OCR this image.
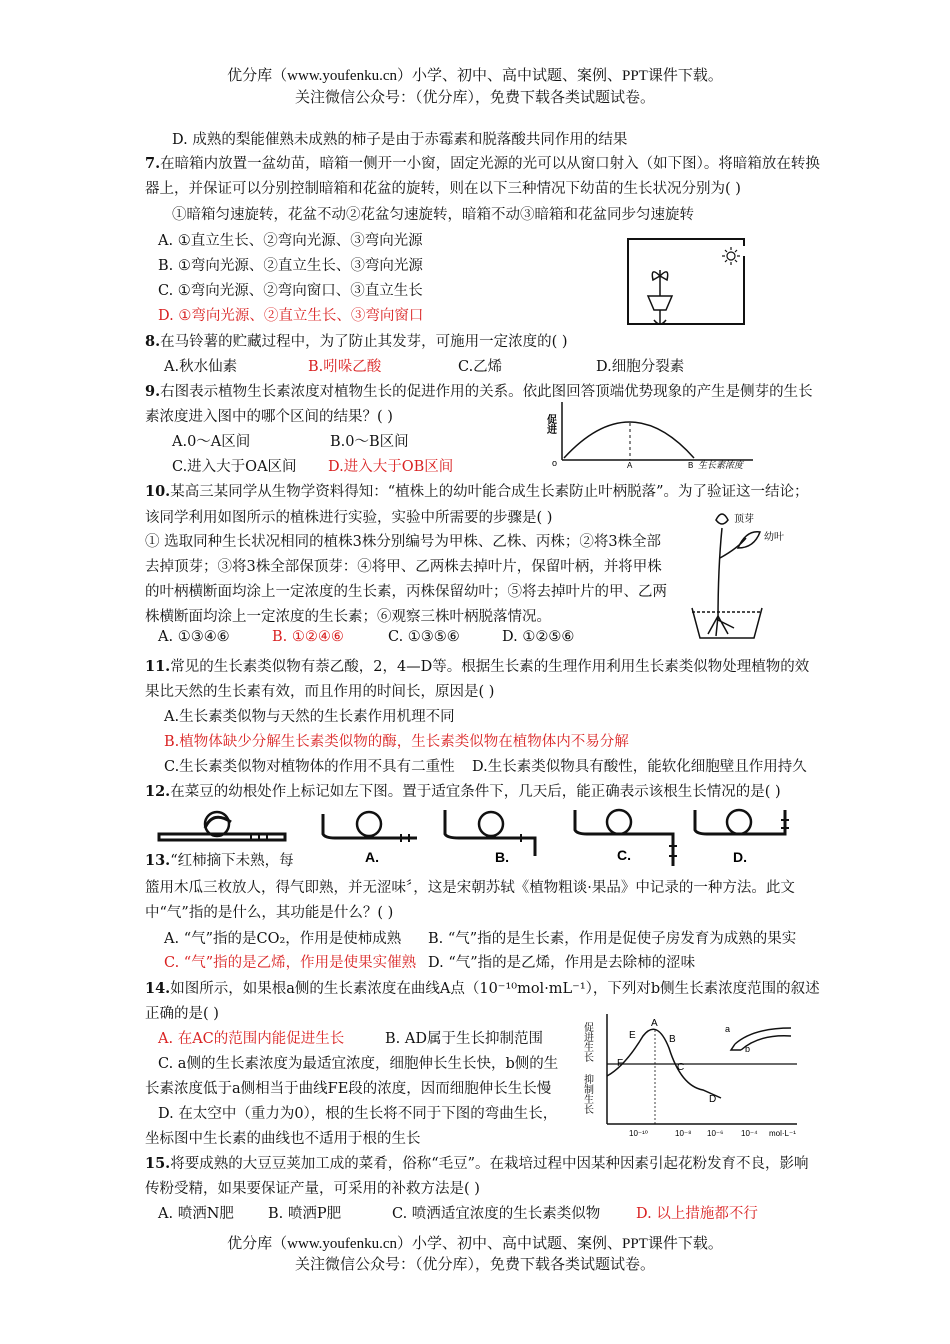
优分库（www.youfenku.cn）小学、初中、高中试题、案例、PPT课件下载。
关注微信公众号：（优分库），免费下载各类试题试卷。
D. 成熟的梨能催熟未成熟的柿子是由于赤霉素和脱落酸共同作用的结果
7.在暗箱内放置一盆幼苗，暗箱一侧开一小窗，固定光源的光可以从窗口射入（如下图）。将暗箱放在转换
器上，并保证可以分别控制暗箱和花盆的旋转，则在以下三种情况下幼苗的生长状况分别为( )
①暗箱匀速旋转，花盆不动②花盆匀速旋转，暗箱不动③暗箱和花盆同步匀速旋转
A. ①直立生长、②弯向光源、③弯向光源
B. ①弯向光源、②直立生长、③弯向光源
C. ①弯向光源、②弯向窗口、③直立生长
D. ①弯向光源、②直立生长、③弯向窗口
8.在马铃薯的贮藏过程中，为了防止其发芽，可施用一定浓度的( )
A.秋水仙素	B.吲哚乙酸	C.乙烯	D.细胞分裂素
9.右图表示植物生长素浓度对植物生长的促进作用的关系。依此图回答顶端优势现象的产生是侧芽的生长
素浓度进入图中的哪个区间的结果？( )
A.0～A区间	B.0～B区间
C.进入大于OA区间 D.进入大于OB区间
促进
o	A	B 生长素浓度
10.某高三某同学从生物学资料得知：“植株上的幼叶能合成生长素防止叶柄脱落”。为了验证这一结论；
该同学利用如图所示的植株进行实验，实验中所需要的步骤是( )
① 选取同种生长状况相同的植株3株分别编号为甲株、乙株、丙株；②将3株全部
去掉顶芽；③将3株全部保顶芽：④将甲、乙两株去掉叶片，保留叶柄，并将甲株
的叶柄横断面均涂上一定浓度的生长素，丙株保留幼叶；⑤将去掉叶片的甲、乙两
株横断面均涂上一定浓度的生长素；⑥观察三株叶柄脱落情况。
A. ①③④⑥	B. ①②④⑥	C. ①③⑤⑥	D. ①②⑤⑥
顶芽
幼叶
11.常见的生长素类似物有萘乙酸，2，4—D等。根据生长素的生理作用利用生长素类似物处理植物的效
果比天然的生长素有效，而且作用的时间长，原因是( )
A.生长素类似物与天然的生长素作用机理不同
B.植物体缺少分解生长素类似物的酶，生长素类似物在植物体内不易分解
C.生长素类似物对植物体的作用不具有二重性 D.生长素类似物具有酸性，能软化细胞壁且作用持久
12.在菜豆的幼根处作上标记如左下图。置于适宜条件下，几天后，能正确表示该根生长情况的是( )
A.	B.	C.	D.
13.“红柿摘下未熟，每
篮用木瓜三枚放人，得气即熟，并无涩味〞，这是宋朝苏轼《植物粗谈·果品》中记录的一种方法。此文
中“气”指的是什么，其功能是什么？( )
A. “气”指的是CO₂，作用是使柿成熟 B. “气”指的是生长素，作用是促使子房发育为成熟的果实
C. “气”指的是乙烯，作用是使果实催熟 D. “气”指的是乙烯，作用是去除柿的涩味
14.如图所示，如果根a侧的生长素浓度在曲线A点（10⁻¹⁰mol·mL⁻¹），下列对b侧生长素浓度范围的叙述
正确的是( )
A. 在AC的范围内能促进生长	B. AD属于生长抑制范围
C. a侧的生长素浓度为最适宜浓度，细胞伸长生长快，b侧的生
长素浓度低于a侧相当于曲线FE段的浓度，因而细胞伸长生长慢
D. 在太空中（重力为0），根的生长将不同于下图的弯曲生长，
坐标图中生长素的曲线也不适用于根的生长
促进生长
抑制生长
E
A
B
F	C
D
a
b
10⁻¹⁰	10⁻⁸ 10⁻⁶ 10⁻⁴ mol·L⁻¹
15.将要成熟的大豆豆荚加工成的菜肴，俗称“毛豆”。在栽培过程中因某种因素引起花粉发育不良，影响
传粉受精，如果要保证产量，可采用的补救方法是( )
A. 喷洒N肥 B. 喷洒P肥	C. 喷洒适宜浓度的生长素类似物 D. 以上措施都不行
优分库（www.youfenku.cn）小学、初中、高中试题、案例、PPT课件下载。
关注微信公众号：（优分库），免费下载各类试题试卷。
